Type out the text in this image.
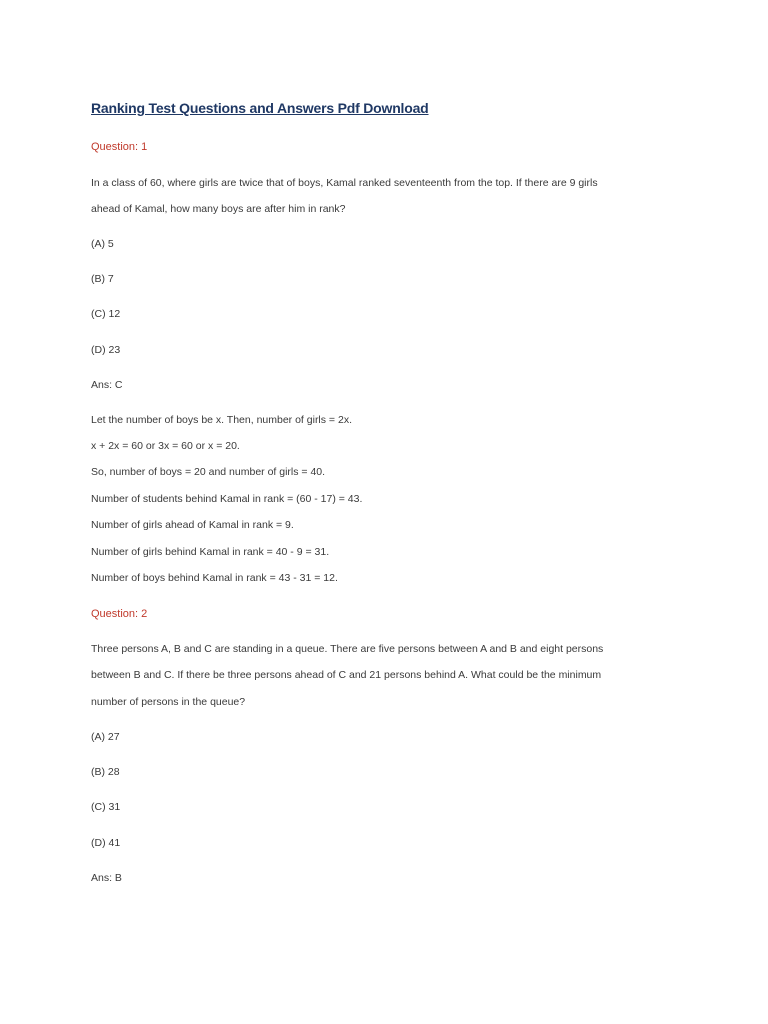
Ranking Test Questions and Answers Pdf Download
Question: 1
In a class of 60, where girls are twice that of boys, Kamal ranked seventeenth from the top. If there are 9 girls
ahead of Kamal, how many boys are after him in rank?
(A) 5
(B) 7
(C) 12
(D) 23
Ans: C
Let the number of boys be x. Then, number of girls = 2x.
x + 2x = 60 or 3x = 60 or x = 20.
So, number of boys = 20 and number of girls = 40.
Number of students behind Kamal in rank = (60 - 17) = 43.
Number of girls ahead of Kamal in rank = 9.
Number of girls behind Kamal in rank = 40 - 9 = 31.
Number of boys behind Kamal in rank = 43 - 31 = 12.
Question: 2
Three persons A, B and C are standing in a queue. There are five persons between A and B and eight persons
between B and C. If there be three persons ahead of C and 21 persons behind A. What could be the minimum
number of persons in the queue?
(A) 27
(B) 28
(C) 31
(D) 41
Ans: B
